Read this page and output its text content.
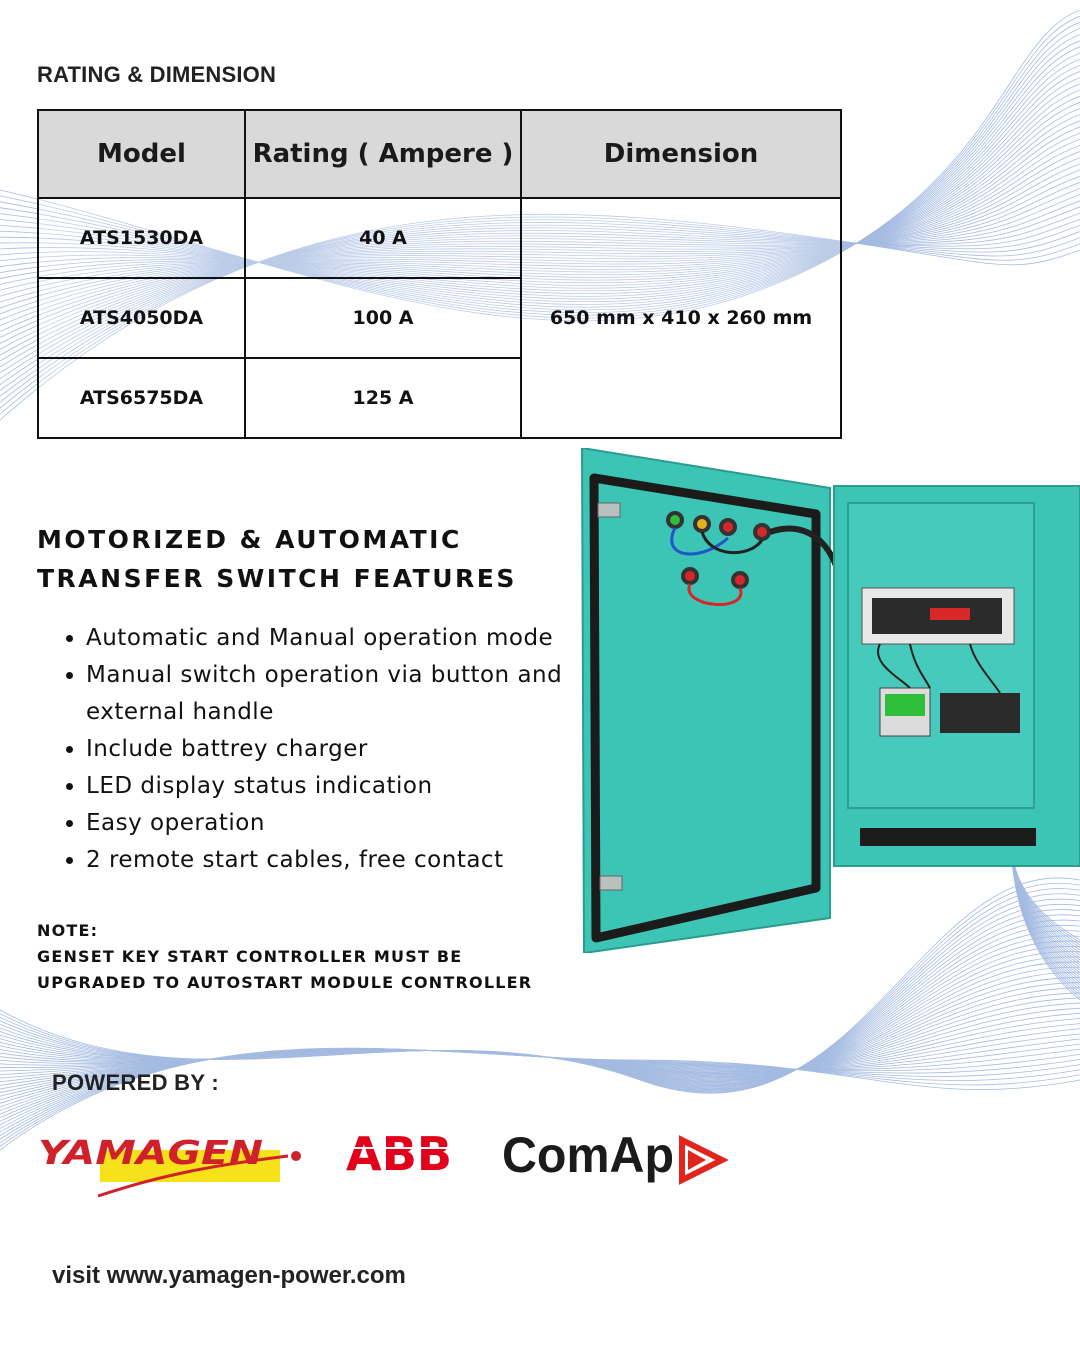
RATING & DIMENSION
Model	Rating ( Ampere )	Dimension
ATS1530DA	40 A	650 mm x 410 x 260 mm
ATS4050DA	100 A	
ATS6575DA	125 A	
MOTORIZED & AUTOMATIC
TRANSFER SWITCH FEATURES
• Automatic and Manual operation mode
• Manual switch operation via button and external handle
• Include battrey charger
• LED display status indication
• Easy operation
• 2 remote start cables, free contact
NOTE:
GENSET KEY START CONTROLLER MUST BE
UPGRADED TO AUTOSTART MODULE CONTROLLER
POWERED BY :
YAMAGEN ABB ComAp
visit www.yamagen-power.com
